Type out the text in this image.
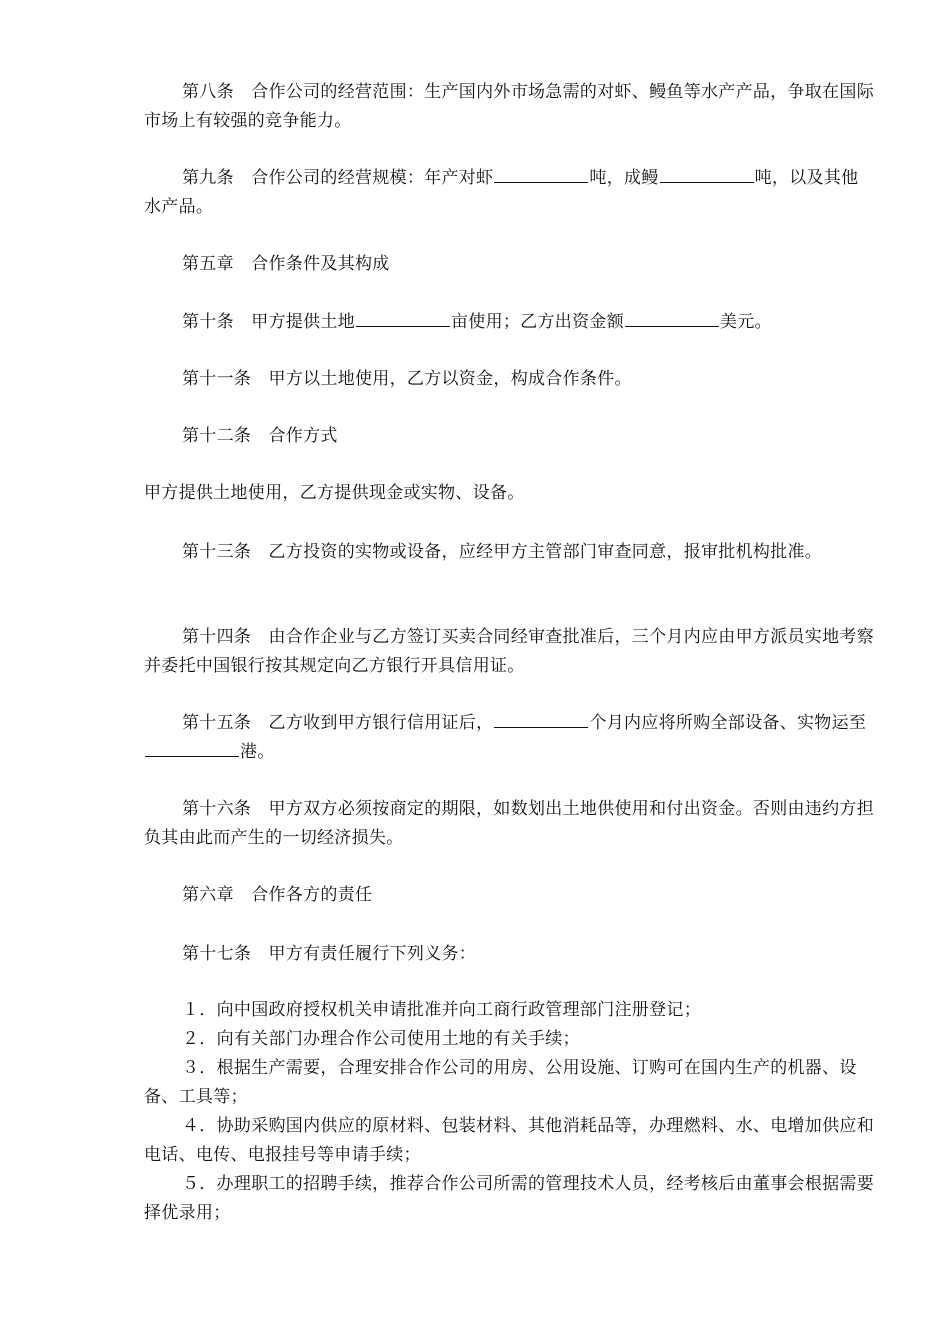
第八条　合作公司的经营范围：生产国内外市场急需的对虾、鳗鱼等水产产品，争取在国际市场上有较强的竞争能力。

第九条　合作公司的经营规模：年产对虾	吨，成鳗	吨，以及其他水产品。

第五章　合作条件及其构成

第十条　甲方提供土地	亩使用；乙方出资金额	美元。

第十一条　甲方以土地使用，乙方以资金，构成合作条件。

第十二条　合作方式

甲方提供土地使用，乙方提供现金或实物、设备。

第十三条　乙方投资的实物或设备，应经甲方主管部门审查同意，报审批机构批准。

第十四条　由合作企业与乙方签订买卖合同经审查批准后，三个月内应由甲方派员实地考察并委托中国银行按其规定向乙方银行开具信用证。

第十五条　乙方收到甲方银行信用证后，	个月内应将所购全部设备、实物运至港。

第十六条　甲方双方必须按商定的期限，如数划出土地供使用和付出资金。否则由违约方担负其由此而产生的一切经济损失。

第六章　合作各方的责任

第十七条　甲方有责任履行下列义务：

１．向中国政府授权机关申请批准并向工商行政管理部门注册登记；
２．向有关部门办理合作公司使用土地的有关手续；
３．根据生产需要，合理安排合作公司的用房、公用设施、订购可在国内生产的机器、设备、工具等；
４．协助采购国内供应的原材料、包装材料、其他消耗品等，办理燃料、水、电增加供应和电话、电传、电报挂号等申请手续；
５．办理职工的招聘手续，推荐合作公司所需的管理技术人员，经考核后由董事会根据需要择优录用；
